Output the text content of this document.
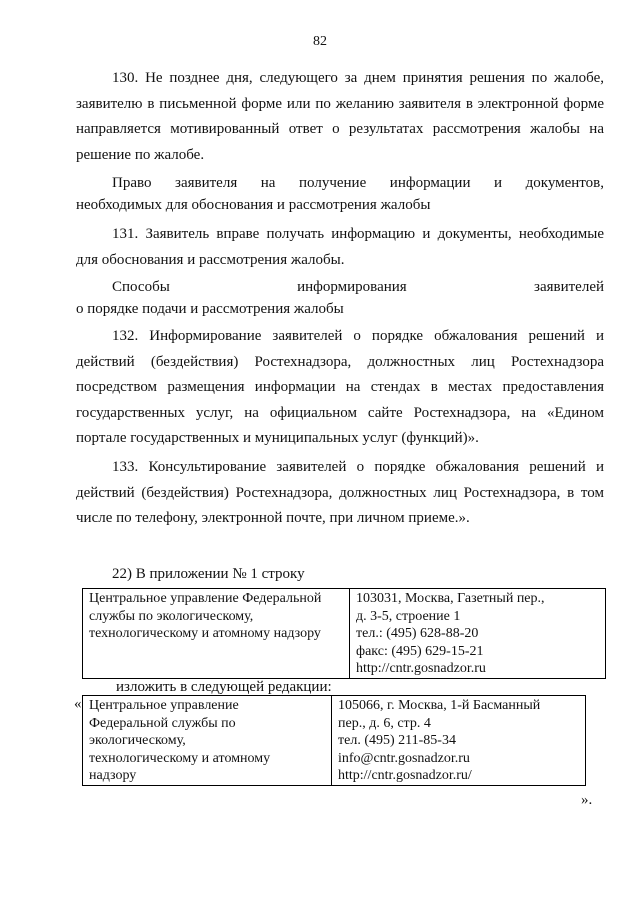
82

130. Не позднее дня, следующего за днем принятия решения по жалобе, заявителю в письменной форме или по желанию заявителя в электронной форме направляется мотивированный ответ о результатах рассмотрения жалобы на решение по жалобе.

Право заявителя на получение информации и документов,
необходимых для обоснования и рассмотрения жалобы

131. Заявитель вправе получать информацию и документы, необходимые для обоснования и рассмотрения жалобы.

Способы информирования заявителей
о порядке подачи и рассмотрения жалобы

132. Информирование заявителей о порядке обжалования решений и действий (бездействия) Ростехнадзора, должностных лиц Ростехнадзора посредством размещения информации на стендах в местах предоставления государственных услуг, на официальном сайте Ростехнадзора, на «Едином портале государственных и муниципальных услуг (функций)».

133. Консультирование заявителей о порядке обжалования решений и действий (бездействия) Ростехнадзора, должностных лиц Ростехнадзора, в том числе по телефону, электронной почте, при личном приеме.».

22) В приложении № 1 строку

Центральное управление Федеральной
службы по экологическому,
технологическому и атомному надзору

103031, Москва, Газетный пер.,
д. 3-5, строение 1
тел.: (495) 628-88-20
факс: (495) 629-15-21
http://cntr.gosnadzor.ru
изложить в следующей редакции:
« Центральное управление
Федеральной службы по
экологическому,
технологическому и атомному
надзору

105066, г. Москва, 1-й Басманный
пер., д. 6, стр. 4
тел. (495) 211-85-34
info@cntr.gosnadzor.ru
http://cntr.gosnadzor.ru/
».
